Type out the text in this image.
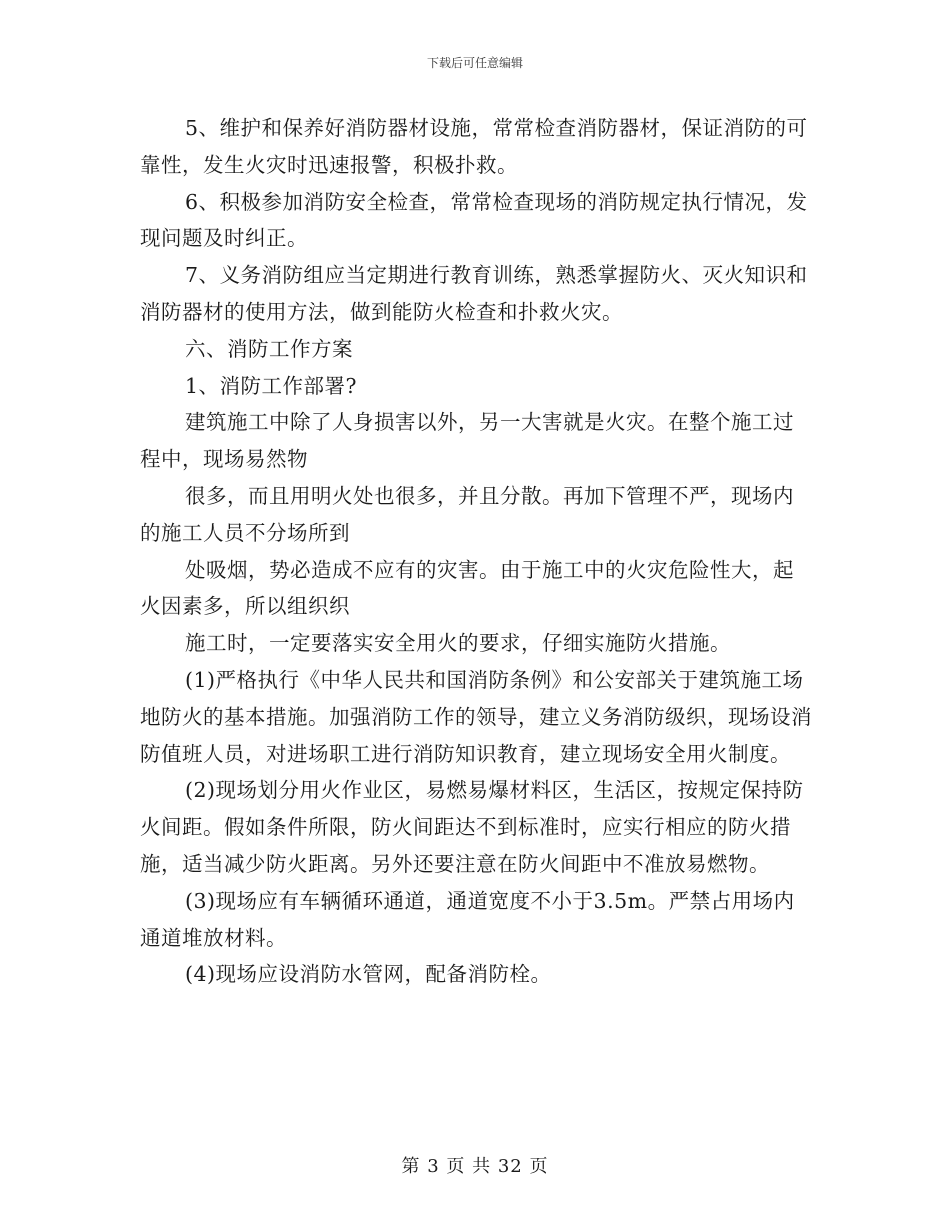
下载后可任意编辑

5、维护和保养好消防器材设施，常常检查消防器材，保证消防的可靠性，发生火灾时迅速报警，积极扑救。

6、积极参加消防安全检查，常常检查现场的消防规定执行情况，发现问题及时纠正。

7、义务消防组应当定期进行教育训练，熟悉掌握防火、灭火知识和消防器材的使用方法，做到能防火检查和扑救火灾。

六、消防工作方案

1、消防工作部署?

建筑施工中除了人身损害以外，另一大害就是火灾。在整个施工过程中，现场易然物

很多，而且用明火处也很多，并且分散。再加下管理不严，现场内的施工人员不分场所到

处吸烟，势必造成不应有的灾害。由于施工中的火灾危险性大，起火因素多，所以组织织

施工时，一定要落实安全用火的要求，仔细实施防火措施。

(1)严格执行《中华人民共和国消防条例》和公安部关于建筑施工场地防火的基本措施。加强消防工作的领导，建立义务消防级织，现场设消防值班人员，对进场职工进行消防知识教育，建立现场安全用火制度。

(2)现场划分用火作业区，易燃易爆材料区，生活区，按规定保持防火间距。假如条件所限，防火间距达不到标准时，应实行相应的防火措施，适当减少防火距离。另外还要注意在防火间距中不准放易燃物。

(3)现场应有车辆循环通道，通道宽度不小于3.5m。严禁占用场内通道堆放材料。

(4)现场应设消防水管网，配备消防栓。

第 3 页 共 32 页
